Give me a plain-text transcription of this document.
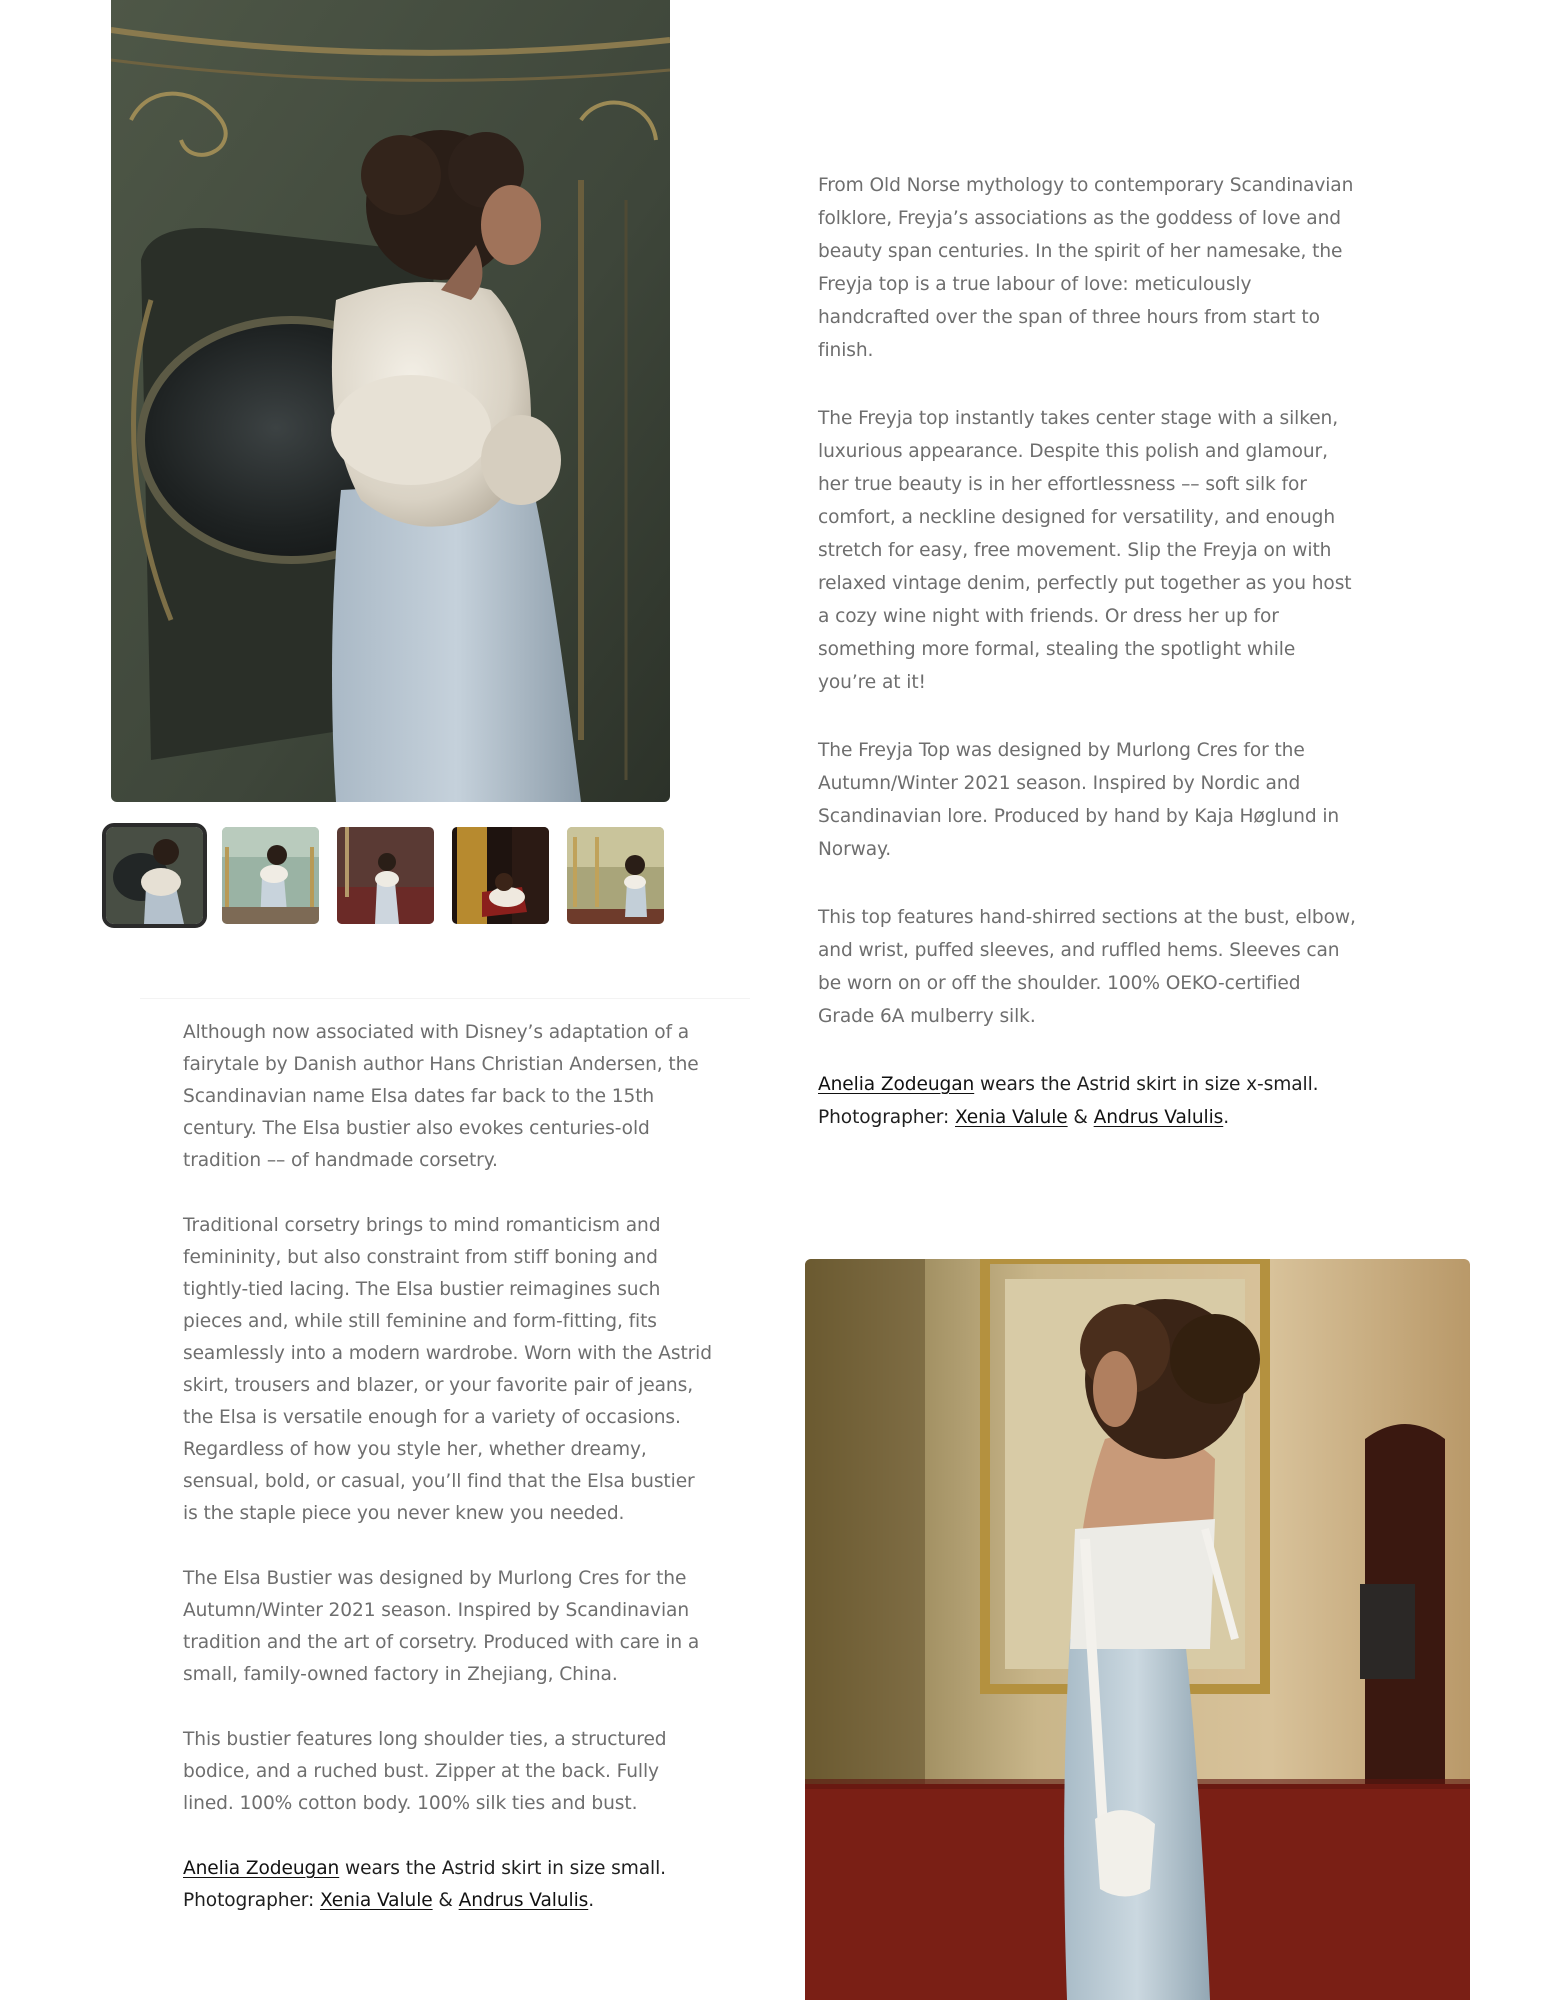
From Old Norse mythology to contemporary Scandinavian folklore, Freyja’s associations as the goddess of love and beauty span centuries. In the spirit of her namesake, the Freyja top is a true labour of love: meticulously handcrafted over the span of three hours from start to finish.

The Freyja top instantly takes center stage with a silken, luxurious appearance. Despite this polish and glamour, her true beauty is in her effortlessness –– soft silk for comfort, a neckline designed for versatility, and enough stretch for easy, free movement. Slip the Freyja on with relaxed vintage denim, perfectly put together as you host a cozy wine night with friends. Or dress her up for something more formal, stealing the spotlight while you’re at it!

The Freyja Top was designed by Murlong Cres for the Autumn/Winter 2021 season. Inspired by Nordic and Scandinavian lore. Produced by hand by Kaja Høglund in Norway.

This top features hand-shirred sections at the bust, elbow, and wrist, puffed sleeves, and ruffled hems. Sleeves can be worn on or off the shoulder. 100% OEKO-certified Grade 6A mulberry silk.

Anelia Zodeugan wears the Astrid skirt in size x-small.
Photographer: Xenia Valule & Andrus Valulis.

Although now associated with Disney’s adaptation of a fairytale by Danish author Hans Christian Andersen, the Scandinavian name Elsa dates far back to the 15th century. The Elsa bustier also evokes centuries-old tradition –– of handmade corsetry.

Traditional corsetry brings to mind romanticism and femininity, but also constraint from stiff boning and tightly-tied lacing. The Elsa bustier reimagines such pieces and, while still feminine and form-fitting, fits seamlessly into a modern wardrobe. Worn with the Astrid skirt, trousers and blazer, or your favorite pair of jeans, the Elsa is versatile enough for a variety of occasions. Regardless of how you style her, whether dreamy, sensual, bold, or casual, you’ll find that the Elsa bustier is the staple piece you never knew you needed.

The Elsa Bustier was designed by Murlong Cres for the Autumn/Winter 2021 season. Inspired by Scandinavian tradition and the art of corsetry. Produced with care in a small, family-owned factory in Zhejiang, China.

This bustier features long shoulder ties, a structured bodice, and a ruched bust. Zipper at the back. Fully lined. 100% cotton body. 100% silk ties and bust.

Anelia Zodeugan wears the Astrid skirt in size small.
Photographer: Xenia Valule & Andrus Valulis.
